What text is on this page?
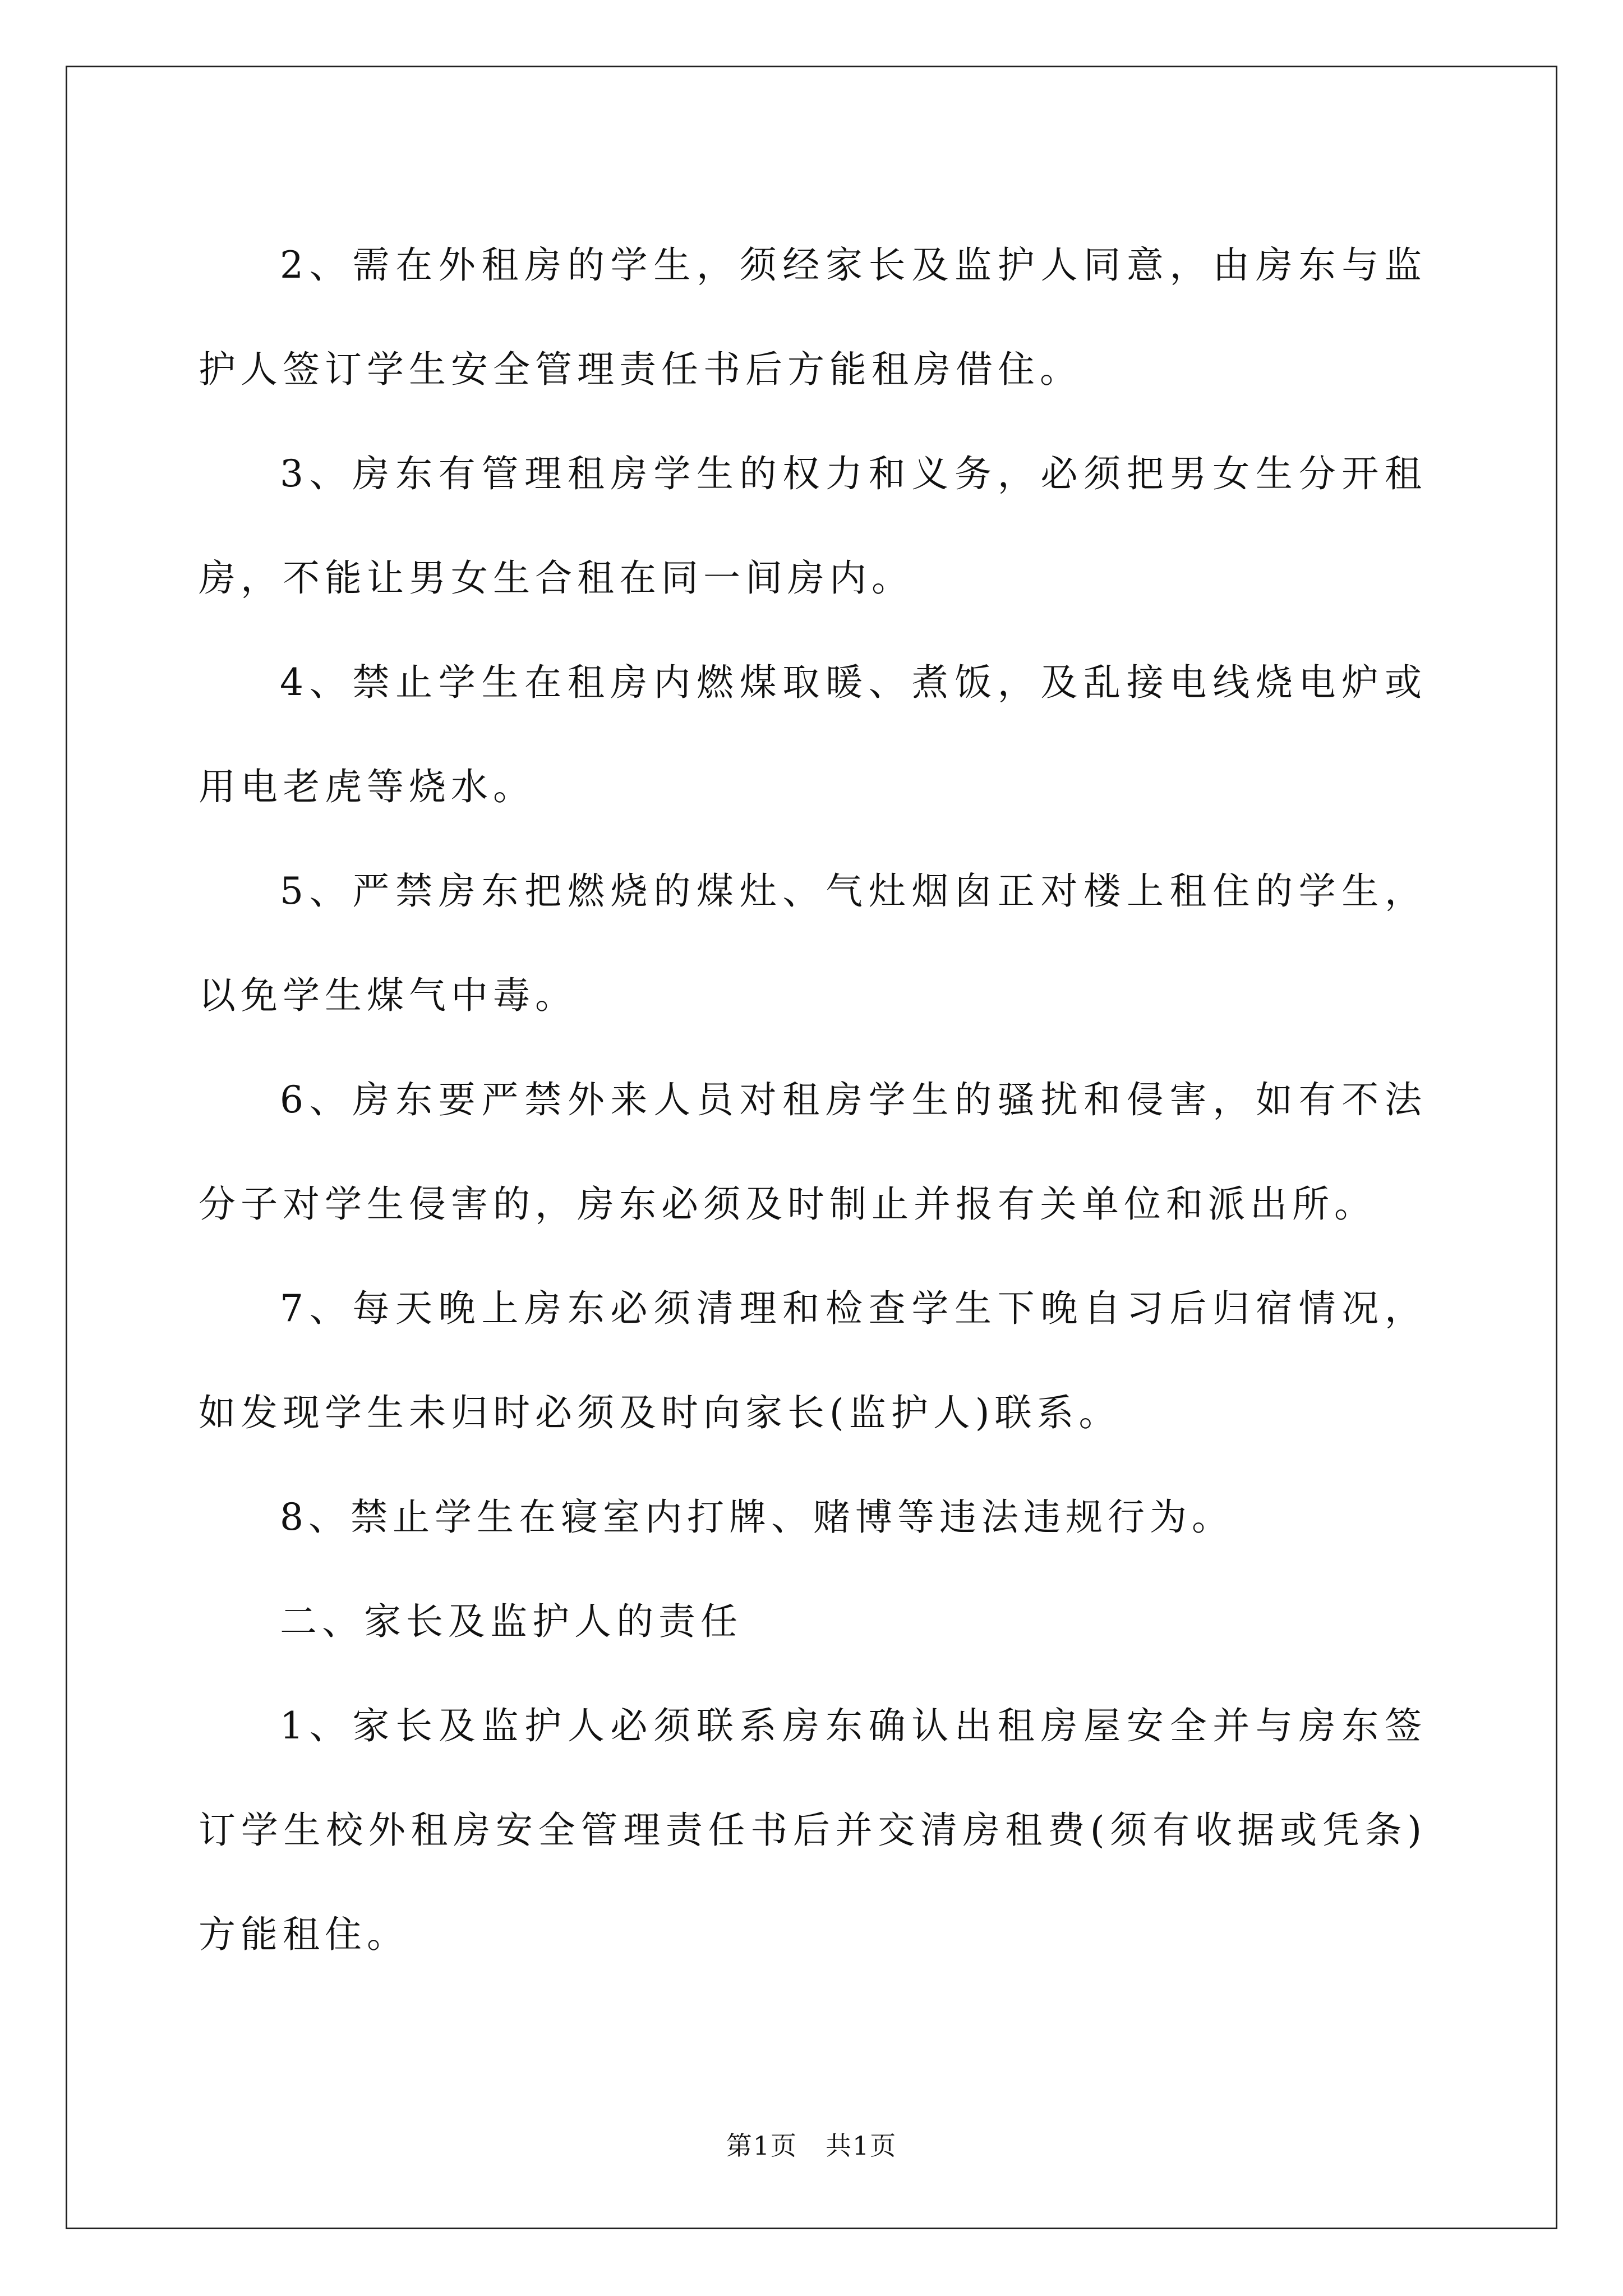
2、需在外租房的学生，须经家长及监护人同意，由房东与监护人签订学生安全管理责任书后方能租房借住。

3、房东有管理租房学生的权力和义务，必须把男女生分开租房，不能让男女生合租在同一间房内。

4、禁止学生在租房内燃煤取暖、煮饭，及乱接电线烧电炉或用电老虎等烧水。

5、严禁房东把燃烧的煤灶、气灶烟囱正对楼上租住的学生，以免学生煤气中毒。

6、房东要严禁外来人员对租房学生的骚扰和侵害，如有不法分子对学生侵害的，房东必须及时制止并报有关单位和派出所。

7、每天晚上房东必须清理和检查学生下晚自习后归宿情况，如发现学生未归时必须及时向家长(监护人)联系。

8、禁止学生在寝室内打牌、赌博等违法违规行为。

二、家长及监护人的责任

1、家长及监护人必须联系房东确认出租房屋安全并与房东签订学生校外租房安全管理责任书后并交清房租费(须有收据或凭条)方能租住。

第1页 共1页
